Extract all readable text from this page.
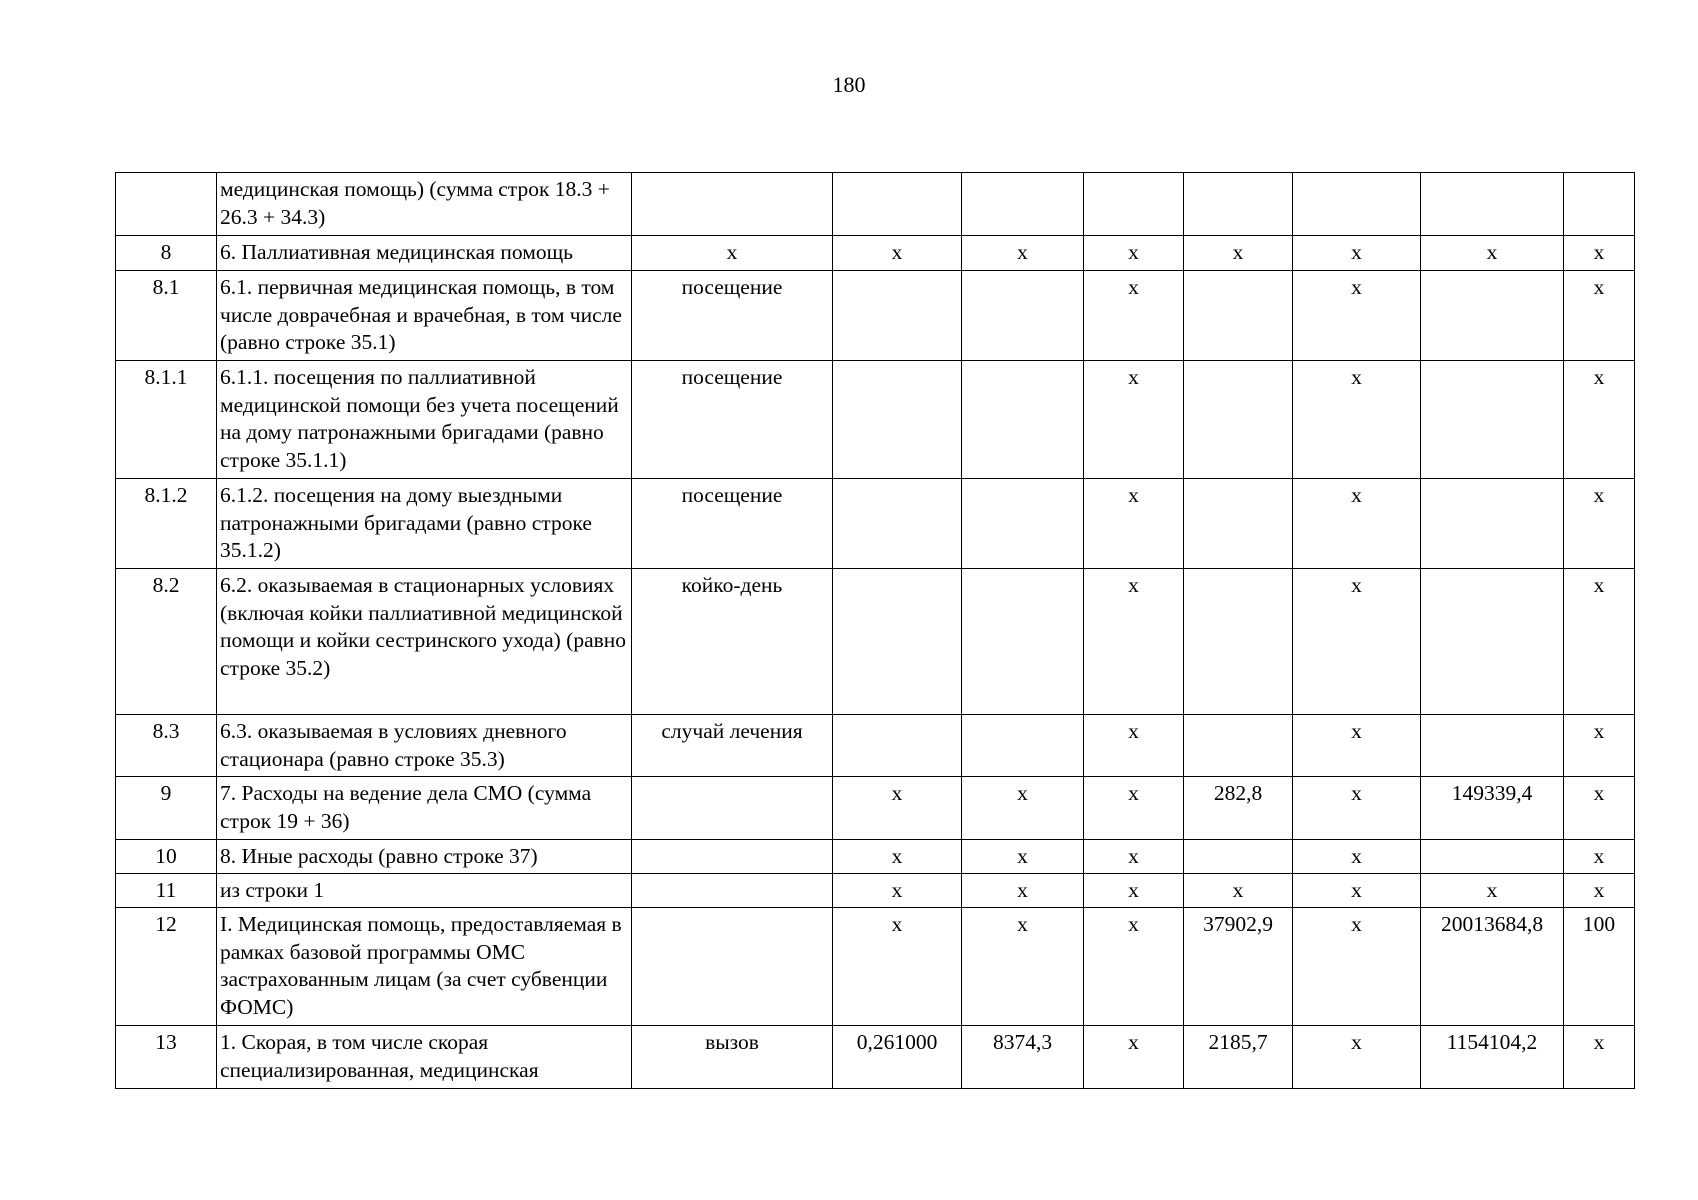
180
	медицинская помощь) (сумма строк 18.3 + 26.3 + 34.3)								
8	6. Паллиативная медицинская помощь	х	х	х	х	х	х	х	х
8.1	6.1. первичная медицинская помощь, в том числе доврачебная и врачебная, в том числе (равно строке 35.1)	посещение			х		х		х
8.1.1	6.1.1. посещения по паллиативной медицинской помощи без учета посещений на дому патронажными бригадами (равно строке 35.1.1)	посещение			х		х		х
8.1.2	6.1.2. посещения на дому выездными патронажными бригадами (равно строке 35.1.2)	посещение			х		х		х
8.2	6.2. оказываемая в стационарных условиях (включая койки паллиативной медицинской помощи и койки сестринского ухода) (равно строке 35.2)	койко-день			х		х		х
8.3	6.3. оказываемая в условиях дневного стационара (равно строке 35.3)	случай лечения			х		х		х
9	7. Расходы на ведение дела СМО (сумма строк 19 + 36)		х	х	х	282,8	х	149339,4	х
10	8. Иные расходы (равно строке 37)		х	х	х		х		х
11	из строки 1		х	х	х	х	х	х	х
12	I. Медицинская помощь, предоставляемая в рамках базовой программы ОМС застрахованным лицам (за счет субвенции ФОМС)		х	х	х	37902,9	х	20013684,8	100
13	1. Скорая, в том числе скорая специализированная, медицинская	вызов	0,261000	8374,3	х	2185,7	х	1154104,2	х
